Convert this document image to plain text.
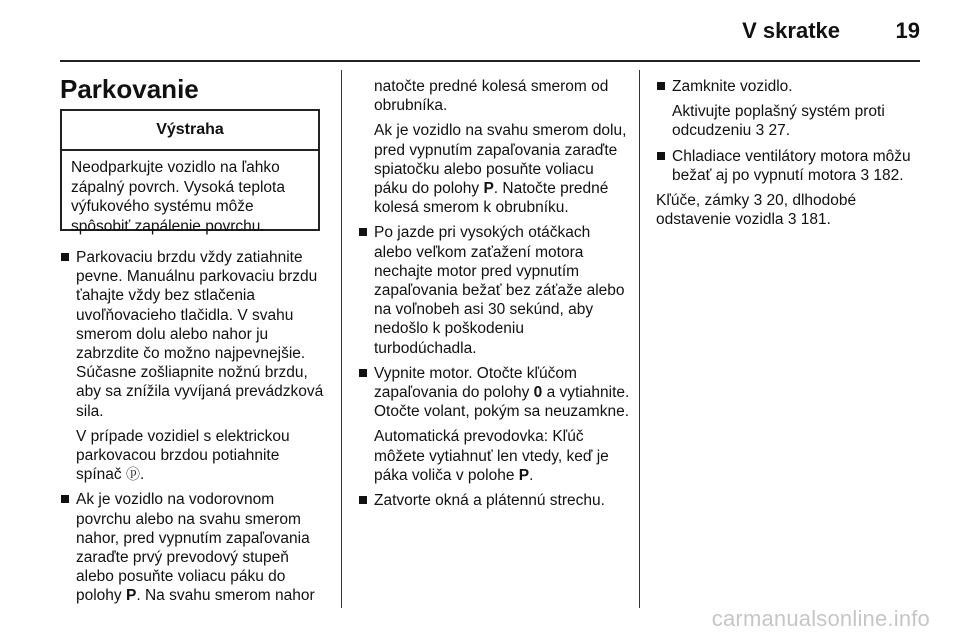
V skratke	19
Parkovanie
Výstraha
Neodparkujte vozidlo na ľahko zápalný povrch. Vysoká teplota výfukového systému môže spôsobiť zapálenie povrchu.

Parkovaciu brzdu vždy zatiahnite pevne. Manuálnu parkovaciu brzdu ťahajte vždy bez stlačenia uvoľňovacieho tlačidla. V svahu smerom dolu alebo nahor ju zabrzdite čo možno najpevnejšie. Súčasne zošliapnite nožnú brzdu, aby sa znížila vyvíjaná prevádzková sila.

V prípade vozidiel s elektrickou parkovacou brzdou potiahnite spínač ⓟ.

Ak je vozidlo na vodorovnom povrchu alebo na svahu smerom nahor, pred vypnutím zapaľovania zaraďte prvý prevodový stupeň alebo posuňte voliacu páku do polohy P. Na svahu smerom nahor

natočte predné kolesá smerom od obrubníka.

Ak je vozidlo na svahu smerom dolu, pred vypnutím zapaľovania zaraďte spiatočku alebo posuňte voliacu páku do polohy P. Natočte predné kolesá smerom k obrubníku.

Po jazde pri vysokých otáčkach alebo veľkom zaťažení motora nechajte motor pred vypnutím zapaľovania bežať bez záťaže alebo na voľnobeh asi 30 sekúnd, aby nedošlo k poškodeniu turbodúchadla.

Vypnite motor. Otočte kľúčom zapaľovania do polohy 0 a vytiahnite. Otočte volant, pokým sa neuzamkne.

Automatická prevodovka: Kľúč môžete vytiahnuť len vtedy, keď je páka voliča v polohe P.

Zatvorte okná a plátennú strechu.

Zamknite vozidlo.

Aktivujte poplašný systém proti odcudzeniu 3 27.

Chladiace ventilátory motora môžu bežať aj po vypnutí motora 3 182.

Kľúče, zámky 3 20, dlhodobé odstavenie vozidla 3 181.

carmanualsonline.info
